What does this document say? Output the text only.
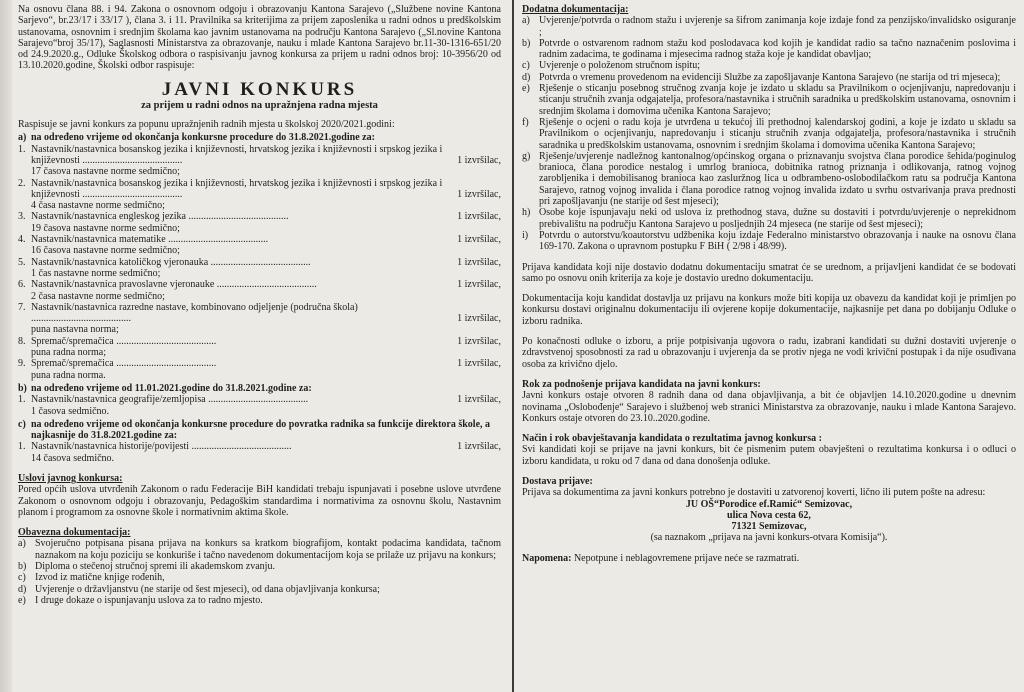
Na osnovu člana 88. i 94. Zakona o osnovnom odgoju i obrazovanju Kantona Sarajevo („Službene novine Kantona Sarjevo“, br.23/17 i 33/17 ), člana 3. i 11. Pravilnika sa kriterijima za prijem zaposlenika u radni odnos u predškolskim ustanovama, osnovnim i srednjim školama kao javnim ustanovama na području Kantona Sarajevo („Sl.novine Kantona Sarajevo“broj 35/17), Saglasnosti Ministarstva za obrazovanje, nauku i mlade Kantona Sarajevo br.11-30-1316-651/20 od 24.9.2020.g., Odluke Školskog odbora o raspisivanju javnog konkursa za prijem u radni odnos broj: 10-3956/20 od 13.10.2020.godine, Školski odbor raspisuje:

JAVNI KONKURS
za prijem u radni odnos na upražnjena radna mjesta

Raspisuje se javni konkurs za popunu upražnjenih radnih mjesta u školskoj 2020/2021.godini:

a) na određeno vrijeme od okončanja konkursne procedure do 31.8.2021.godine za:
1. Nastavnik/nastavnica bosanskog jezika i književnosti, hrvatskog jezika i književnosti i srpskog jezika i književnosti ........................................	1 izvršilac,
17 časova nastavne norme sedmično;
2. Nastavnik/nastavnica bosanskog jezika i književnosti, hrvatskog jezika i književnosti i srpskog jezika i književnosti ........................................	1 izvršilac,
4 časa nastavne norme sedmično;
3. Nastavnik/nastavnica engleskog jezika ........................................	1 izvršilac,
19 časova nastavne norme sedmično;
4. Nastavnik/nastavnica matematike ........................................	1 izvršilac,
16 časova nastavne norme sedmično;
5. Nastavnik/nastavnica katoličkog vjeronauka ........................................	1 izvršilac,
1 čas nastavne norme sedmično;
6. Nastavnik/nastavnica pravoslavne vjeronauke ........................................	1 izvršilac,
2 časa nastavne norme sedmično;
7. Nastavnik/nastavnica razredne nastave, kombinovano odjeljenje (područna škola) ........................................	1 izvršilac,
puna nastavna norma;
8. Spremač/spremačica ........................................	1 izvršilac,
puna radna norma;
9. Spremač/spremačica ........................................	1 izvršilac,
puna radna norma.
b) na određeno vrijeme od 11.01.2021.godine do 31.8.2021.godine za:
1. Nastavnik/nastavnica geografije/zemljopisa ........................................	1 izvršilac,
1 časova sedmično.
c) na određeno vrijeme od okončanja konkursne procedure do povratka radnika sa funkcije direktora škole, a najkasnije do 31.8.2021.godine za:
1. Nastavnik/nastavnica historije/povijesti ........................................	1 izvršilac,
14 časova sedmično.

Uslovi javnog konkursa:

Pored općih uslova utvrđenih Zakonom o radu Federacije BiH kandidati trebaju ispunjavati i posebne uslove utvrđene Zakonom o osnovnom odgoju i obrazovanju, Pedagoškim standardima i normativima za osnovnu školu, Nastavnim planom i programom za osnovne škole i normativnim aktima škole.

Obavezna dokumentacija:

a) Svojeručno potpisana pisana prijava na konkurs sa kratkom biografijom, kontakt podacima kandidata, tačnom naznakom na koju poziciju se konkuriše i tačno navedenom dokumentacijom koja se prilaže uz prijavu na konkurs;
b) Diploma o stečenoj stručnoj spremi ili akademskom zvanju.
c) Izvod iz matične knjige rođenih,
d) Uvjerenje o državljanstvu (ne starije od šest mjeseci), od dana objavljivanja konkursa;
e) I druge dokaze o ispunjavanju uslova za to radno mjesto.

Dodatna dokumentacija:

a) Uvjerenje/potvrda o radnom stažu i uvjerenje sa šifrom zanimanja koje izdaje fond za penzijsko/invalidsko osiguranje ;
b) Potvrde o ostvarenom radnom stažu kod poslodavaca kod kojih je kandidat radio sa tačno naznačenim poslovima i radnim zadacima, te godinama i mjesecima radnog staža koje je kandidat obavljao;
c) Uvjerenje o položenom stručnom ispitu;
d) Potvrda o vremenu provedenom na evidenciji Službe za zapošljavanje Kantona Sarajevo (ne starija od tri mjeseca);
e) Rješenje o sticanju posebnog stručnog zvanja koje je izdato u skladu sa Pravilnikom o ocjenjivanju, napredovanju i sticanju stručnih zvanja odgajatelja, profesora/nastavnika i stručnih saradnika u predškolskim ustanovama, osnovnim i srednjim školama i domovima učenika Kantona Sarajevo;
f)	Rješenje o ocjeni o radu koja je utvrđena u tekućoj ili prethodnoj kalendarskoj godini, a koje je izdato u skladu sa Pravilnikom o ocjenjivanju, napredovanju i sticanju stručnih zvanja odgajatelja, profesora/nastavnika i stručnih saradnika u predškolskim ustanovama, osnovnim i srednjim školama i domovima učenika Kantona Sarajevo;
g) Rješenje/uvjerenje nadležnog kantonalnog/općinskog organa o priznavanju svojstva člana porodice šehida/poginulog branioca, člana porodice nestalog i umrlog branioca, dobitnika ratnog priznanja i odlikovanja, ratnog vojnog zarobljenika i demobilisanog branioca kao zasluržnog lica u odbrambeno-oslobodilačkom ratu sa područja Kantona Sarajevo, ratnog vojnog invalida i člana porodice ratnog vojnog invalida izdato u svrhu ostvarivanja prava prednosti pri zapošljavanju (ne starije od šest mjeseci);
h) Osobe koje ispunjavaju neki od uslova iz prethodnog stava, dužne su dostaviti i potvrdu/uvjerenje o neprekidnom prebivalištu na području Kantona Sarajevo u posljednjih 24 mjeseca (ne starije od šest mjeseci);
i)	Potvrdu o autorstvu/koautorstvu udžbenika koju izdaje Federalno ministarstvo obrazovanja i nauke na osnovu člana 169-170. Zakona o upravnom postupku F BiH ( 2/98 i 48/99).

Prijava kandidata koji nije dostavio dodatnu dokumentaciju smatrat će se urednom, a prijavljeni kandidat će se bodovati samo po osnovu onih kriterija za koje je dostavio uredno dokumentaciju.

Dokumentacija koju kandidat dostavlja uz prijavu na konkurs može biti kopija uz obavezu da kandidat koji je primljen po konkursu dostavi originalnu dokumentaciju ili ovjerene kopije dokumentacije, najkasnije pet dana po dobijanju Odluke o izboru radnika.

Po konačnosti odluke o izboru, a prije potpisivanja ugovora o radu, izabrani kandidati su dužni dostaviti uvjerenje o zdravstvenoj sposobnosti za rad u obrazovanju i uvjerenja da se protiv njega ne vodi krivični postupak i da nije osuđivana osoba za krivično djelo.

Rok za podnošenje prijava kandidata na javni konkurs:

Javni konkurs ostaje otvoren 8 radnih dana od dana objavljivanja, a bit će objavljen 14.10.2020.godine u dnevnim novinama „Oslobođenje“ Sarajevo i službenoj web stranici Ministarstva za obrazovanje, nauku i mlade Kantona Sarajevo. Konkurs ostaje otvoren do 23.10..2020.godine.

Način i rok obavještavanja kandidata o rezultatima javnog konkursa :

Svi kandidati koji se prijave na javni konkurs, bit će pismenim putem obavješteni o rezultatima konkursa i o odluci o izboru kandidata, u roku od 7 dana od dana donošenja odluke.

Dostava prijave:

Prijava sa dokumentima za javni konkurs potrebno je dostaviti u zatvorenoj koverti, lično ili putem pošte na adresu:

JU OŠ“Porodice ef.Ramić“ Semizovac,

ulica Nova cesta 62,

71321 Semizovac,

(sa naznakom „prijava na javni konkurs-otvara Komisija“).

Napomena: Nepotpune i neblagovremene prijave neće se razmatrati.
